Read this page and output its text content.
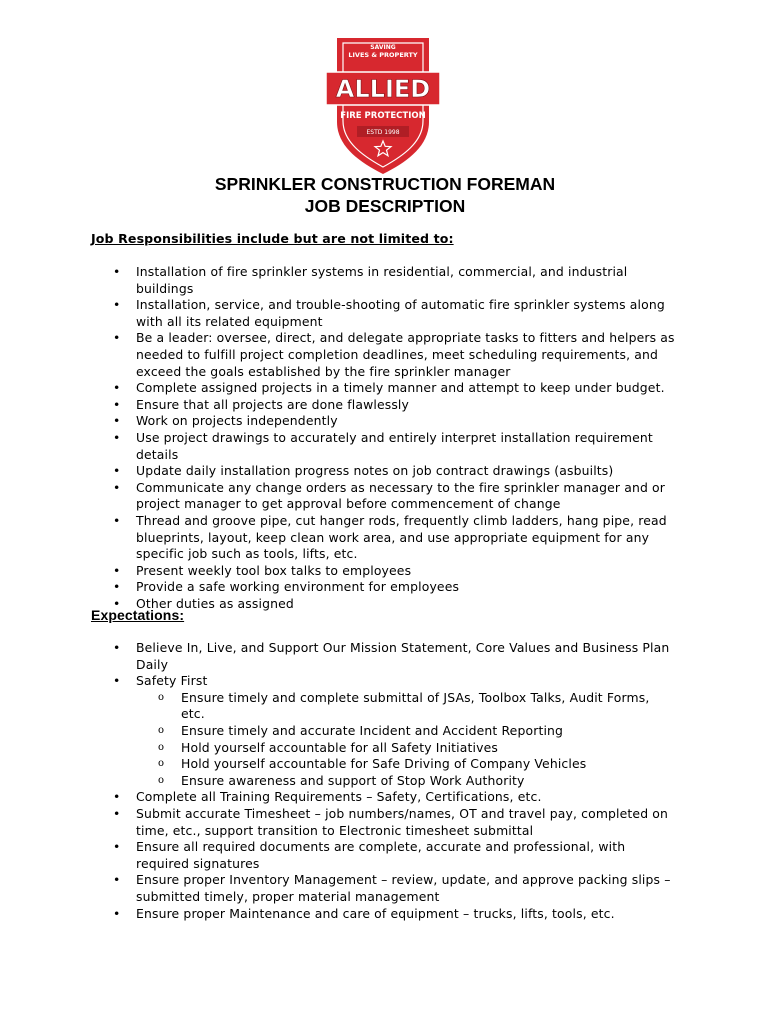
SAVING
LIVES & PROPERTY
ALLIED
FIRE PROTECTION
ESTD 1998
SPRINKLER CONSTRUCTION FOREMAN
JOB DESCRIPTION
Job Responsibilities include but are not limited to:
• Installation of fire sprinkler systems in residential, commercial, and industrial
buildings
• Installation, service, and trouble-shooting of automatic fire sprinkler systems along
with all its related equipment
• Be a leader: oversee, direct, and delegate appropriate tasks to fitters and helpers as
needed to fulfill project completion deadlines, meet scheduling requirements, and
exceed the goals established by the fire sprinkler manager
• Complete assigned projects in a timely manner and attempt to keep under budget.
• Ensure that all projects are done flawlessly
• Work on projects independently
• Use project drawings to accurately and entirely interpret installation requirement
details
• Update daily installation progress notes on job contract drawings (asbuilts)
• Communicate any change orders as necessary to the fire sprinkler manager and or
project manager to get approval before commencement of change
• Thread and groove pipe, cut hanger rods, frequently climb ladders, hang pipe, read
blueprints, layout, keep clean work area, and use appropriate equipment for any
specific job such as tools, lifts, etc.
• Present weekly tool box talks to employees
• Provide a safe working environment for employees
• Other duties as assigned
Expectations:
• Believe In, Live, and Support Our Mission Statement, Core Values and Business Plan
Daily
• Safety First
o Ensure timely and complete submittal of JSAs, Toolbox Talks, Audit Forms,
etc.
o Ensure timely and accurate Incident and Accident Reporting
o Hold yourself accountable for all Safety Initiatives
o Hold yourself accountable for Safe Driving of Company Vehicles
o Ensure awareness and support of Stop Work Authority
• Complete all Training Requirements – Safety, Certifications, etc.
• Submit accurate Timesheet – job numbers/names, OT and travel pay, completed on
time, etc., support transition to Electronic timesheet submittal
• Ensure all required documents are complete, accurate and professional, with
required signatures
• Ensure proper Inventory Management – review, update, and approve packing slips –
submitted timely, proper material management
• Ensure proper Maintenance and care of equipment – trucks, lifts, tools, etc.
